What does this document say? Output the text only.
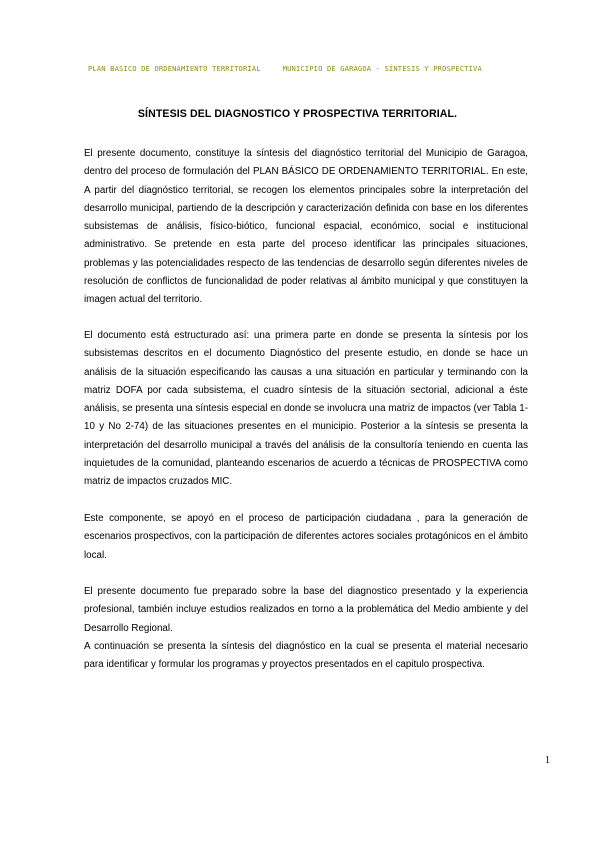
PLAN BASICO DE ORDENAMIENTO TERRITORIAL	MUNICIPIO DE GARAGOA - SÍNTESIS Y PROSPECTIVA
SÍNTESIS DEL DIAGNOSTICO Y PROSPECTIVA TERRITORIAL.

El presente documento, constituye la síntesis del diagnóstico territorial del Municipio de Garagoa, dentro del proceso de formulación del PLAN BÁSICO DE ORDENAMIENTO TERRITORIAL. En este, A partir del diagnóstico territorial, se recogen los elementos principales sobre la interpretación del desarrollo municipal, partiendo de la descripción y caracterización definida con base en los diferentes subsistemas de análisis, físico-biótico, funcional espacial, económico, social e institucional administrativo. Se pretende en esta parte del proceso identificar las principales situaciones, problemas y las potencialidades respecto de las tendencias de desarrollo según diferentes niveles de resolución de conflictos de funcionalidad de poder relativas al ámbito municipal y que constituyen la imagen actual del territorio.

El documento está estructurado así: una primera parte en donde se presenta la síntesis por los subsistemas descritos en el documento Diagnóstico del presente estudio, en donde se hace un análisis de la situación especificando las causas a una situación en particular y terminando con la matriz DOFA por cada subsistema, el cuadro síntesis de la situación sectorial, adicional a éste análisis, se presenta una síntesis especial en donde se involucra una matriz de impactos (ver Tabla 1-10 y No 2-74) de las situaciones presentes en el municipio. Posterior a la síntesis se presenta la interpretación del desarrollo municipal a través del análisis de la consultoría teniendo en cuenta las inquietudes de la comunidad, planteando escenarios de acuerdo a técnicas de PROSPECTIVA como matriz de impactos cruzados MIC.

Este componente, se apoyó en el proceso de participación ciudadana , para la generación de escenarios prospectivos, con la participación de diferentes actores sociales protagónicos en el ámbito local.

El presente documento fue preparado sobre la base del diagnostico presentado y la experiencia profesional, también incluye estudios realizados en torno a la problemática del Medio ambiente y del Desarrollo Regional.

A continuación se presenta la síntesis del diagnóstico en la cual se presenta el material necesario para identificar y formular los programas y proyectos presentados en el capitulo prospectiva.

1
